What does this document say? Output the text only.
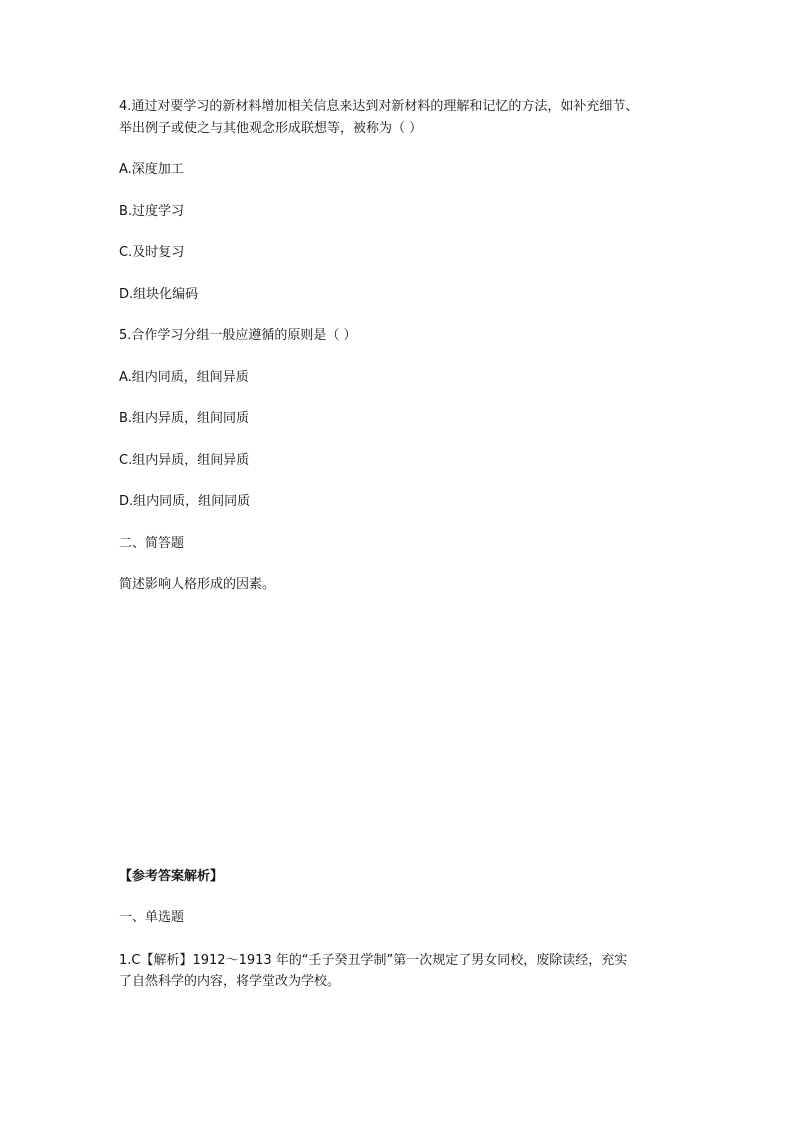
4.通过对要学习的新材料增加相关信息来达到对新材料的理解和记忆的方法，如补充细节、
举出例子或使之与其他观念形成联想等，被称为（ ）
A.深度加工
B.过度学习
C.及时复习
D.组块化编码
5.合作学习分组一般应遵循的原则是（ ）
A.组内同质，组间异质
B.组内异质，组间同质
C.组内异质，组间异质
D.组内同质，组间同质
二、简答题
简述影响人格形成的因素。
【参考答案解析】
一、单选题
1.C【解析】1912～1913 年的“壬子癸丑学制”第一次规定了男女同校，废除读经，充实
了自然科学的内容，将学堂改为学校。
